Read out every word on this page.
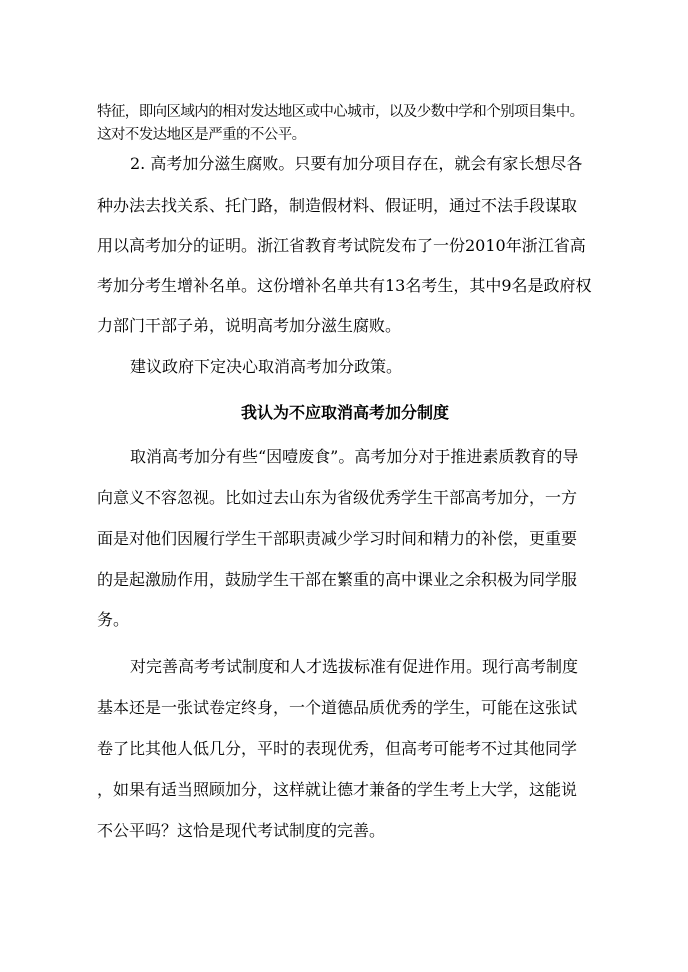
特征，即向区域内的相对发达地区或中心城市，以及少数中学和个别项目集中。
这对不发达地区是严重的不公平。
2. 高考加分滋生腐败。只要有加分项目存在，就会有家长想尽各
种办法去找关系、托门路，制造假材料、假证明，通过不法手段谋取
用以高考加分的证明。浙江省教育考试院发布了一份2010年浙江省高
考加分考生增补名单。这份增补名单共有13名考生，其中9名是政府权
力部门干部子弟，说明高考加分滋生腐败。
建议政府下定决心取消高考加分政策。
我认为不应取消高考加分制度
取消高考加分有些“因噎废食”。高考加分对于推进素质教育的导
向意义不容忽视。比如过去山东为省级优秀学生干部高考加分，一方
面是对他们因履行学生干部职责减少学习时间和精力的补偿，更重要
的是起激励作用，鼓励学生干部在繁重的高中课业之余积极为同学服
务。
对完善高考考试制度和人才选拔标准有促进作用。现行高考制度
基本还是一张试卷定终身，一个道德品质优秀的学生，可能在这张试
卷了比其他人低几分，平时的表现优秀，但高考可能考不过其他同学
，如果有适当照顾加分，这样就让德才兼备的学生考上大学，这能说
不公平吗？这恰是现代考试制度的完善。
